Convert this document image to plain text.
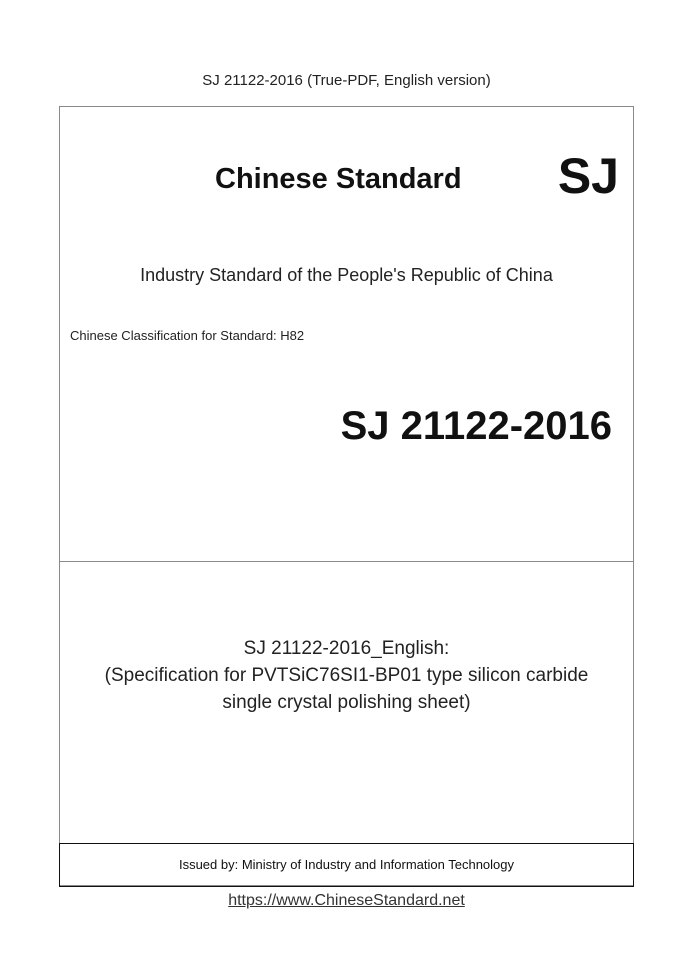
SJ 21122-2016 (True-PDF, English version)
Chinese Standard SJ
Industry Standard of the People's Republic of China
Chinese Classification for Standard: H82
SJ 21122-2016
SJ 21122-2016_English:
(Specification for PVTSiC76SI1-BP01 type silicon carbide
single crystal polishing sheet)
Issued by: Ministry of Industry and Information Technology
https://www.ChineseStandard.net
